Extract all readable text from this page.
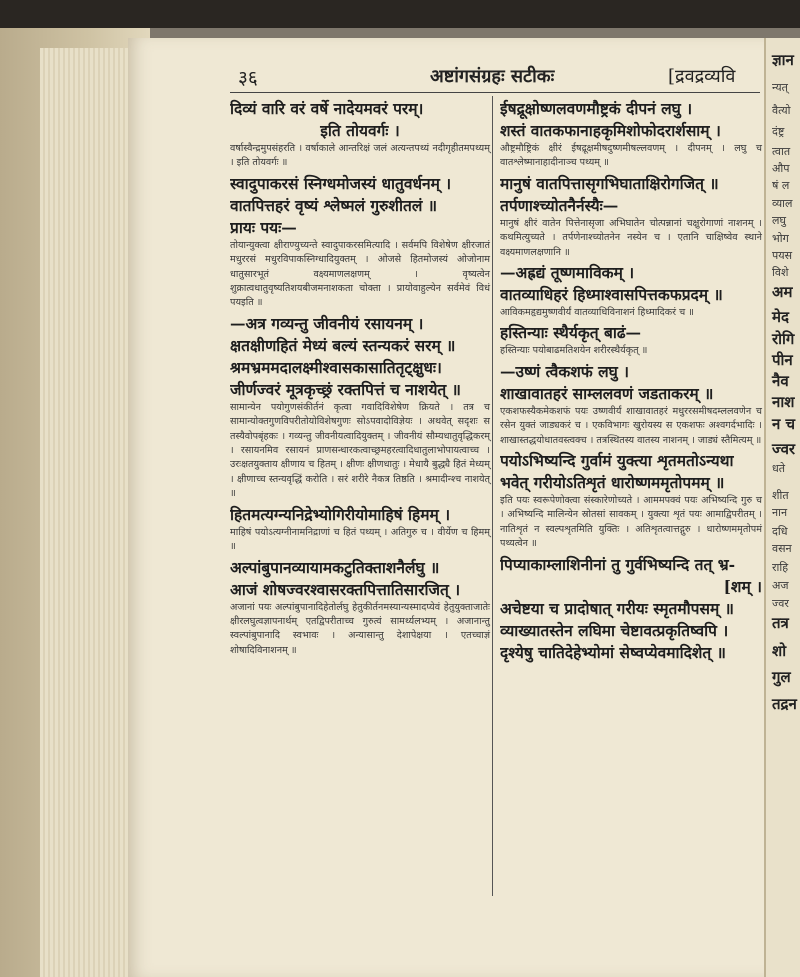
ज्ञान
न्यत्
वैत्यो
दंष्ट्र
त्वात
औप
षं ल
व्याल
लघु
भोग
पयस
विशे
अम
मेद
रोगि
पीन
नैव
नाश
न च
ज्वर
धते
शीत
नान
दधि
वसन
राहि
अज
ज्वर
तत्र
शो
गुल
तद्रन
३६	अष्टांगसंग्रहः सटीकः	[द्रवद्रव्यवि
दिव्यं वारि वरं वर्षे नादेयमवरं परम्।
इति तोयवर्गः ।
वर्षास्वैन्द्रमुपसंहरति । वर्षाकाले आन्तरिक्षं जलं अत्यन्तपथ्यं नदीगृहीतमपथ्यम् । इति तोयवर्गः ॥
स्वादुपाकरसं स्निग्धमोजस्यं धातुवर्धनम् ।
वातपित्तहरं वृष्यं श्लेष्मलं गुरुशीतलं ॥
प्रायः पयः—
तोयान्युक्त्वा क्षीराण्युच्यन्ते स्वादुपाकरसमित्यादि । सर्वमपि विशेषेण क्षीरजातं मधुररसं मधुरविपाकस्निग्धादियुक्तम् । ओजसे हितमोजस्यं ओजोनाम धातुसारभूतं वक्ष्यमाणलक्षणम् । वृष्यत्वेन शुक्रात्वधातुवृष्यतिशयबीजमनाशकता चोक्ता । प्रायोवाहुल्येन सर्वमेवं विधं पयइति ॥
—अत्र गव्यन्तु जीवनीयं रसायनम् ।
क्षतक्षीणहितं मेध्यं बल्यं स्तन्यकरं सरम् ॥
श्रमभ्रममदालक्ष्मीश्वासकासातितृट्क्षुधः।
जीर्णज्वरं मूत्रकृच्छ्रं रक्तपित्तं च नाशयेत् ॥
सामान्येन पयोगुणसंकीर्तनं कृत्वा गवादिविशेषेण क्रियते । तत्र च सामान्योक्तगुणविपरीतोयोविशेषगुणः सोऽपवादोविज्ञेयः । अथवेत् सदृशः स तस्यैवोपबृंहकः । गव्यन्तु जीवनीयत्वादियुक्तम् । जीवनीयं सौम्यधातुवृद्धिकरम् । रसायनमिव रसायनं प्राणसन्धारकत्वाच्छ्रमहरत्वादिधातुलाभोपायत्वाच्च । उरःक्षतयुक्ताय क्षीणाय च हितम् । क्षीणः क्षीणधातुः । मेधायै बुद्ध्यै हितं मेध्यम् । क्षीणाच्च स्तन्यवृद्धिं करोति । सरं शरीरे नैकत्र तिष्ठति । श्रमादीन्श्च नाशयेत् ॥
हितमत्यग्न्यनिद्रेभ्योगिरीयोमाहिषं हिमम् ।
माहिषं पयोऽत्यग्नीनामनिद्राणां च हितं पथ्यम् । अतिगुरु च । वीर्येण च हिमम् ॥
अल्पांबुपानव्यायामकटुतिक्ताशनैर्लघु ॥
आजं शोषज्वरश्वासरक्तपित्तातिसारजित् ।
अजानां पयः अल्पांबुपानादिहेतोर्लघु हेतुकीर्तनमस्यान्यस्मादप्येवं हेतुयुक्ताजातेः क्षीरलघुत्वज्ञापनार्थम् एतद्विपरीताच्च गुरुत्वं सामर्थ्यलभ्यम् । अजानान्तु स्वल्पांबुपानादि स्वभावः । अन्यासान्तु देशापेक्षया । एतच्चाज्ञं शोषादिविनाशनम् ॥
ईषद्रूक्षोष्णलवणमौष्ट्रकं दीपनं लघु ।
शस्तं वातकफानाहकृमिशोफोदरार्शसाम् ।
औष्ट्रमौष्ट्रिकं क्षीरं ईषद्रूक्षमीषदुष्णमीषल्लवणम् । दीपनम् । लघु च वातश्लेष्मानाहादीनाञ्च पथ्यम् ॥
मानुषं वातपित्तासृगभिघाताक्षिरोगजित् ॥
तर्पणाश्च्योतनैर्नस्यैः—
मानुषं क्षीरं वातेन पित्तेनासृजा अभिघातेन चोत्पन्नानां चक्षुरोगाणां नाशनम् । कथमित्युच्यते । तर्पणेनाश्च्योतनेन नस्येन च । एतानि चाक्षिष्वेव स्थाने वक्ष्यमाणलक्षणानि ॥
—अह्रद्यं तूष्णमाविकम् ।
वातव्याधिहरं हिध्माश्वासपित्तकफप्रदम् ॥
आविकमहृद्यमुष्णवीर्यं वातव्याधिविनाशनं हिध्मादिकरं च ॥
हस्तिन्याः स्थैर्यकृत् बाढं—
हस्तिन्याः पयोबाढमतिशयेन शरीरस्थैर्यकृत् ॥
—उष्णं त्वैकशफं लघु ।
शाखावातहरं साम्ललवणं जडताकरम् ॥
एकशफस्यैकमेकशफं पयः उष्णवीर्यं शाखावातहरं मधुररसमीषदम्ललवणेन च रसेन युक्तं जाड्यकरं च । एकविभागः खुरोयस्य स एकशफः अश्वगर्दभादिः । शाखास्तद्धयोधातवस्त्वक्च । तत्रस्थितस्य वातस्य नाशनम् । जाड्यं स्तैमित्यम् ॥
पयोऽभिष्यन्दि गुर्वामं युक्त्या शृतमतोऽन्यथा
भवेत् गरीयोऽतिशृतं धारोष्णममृतोपमम् ॥
इति पयः स्वरूपेणोक्त्वा संस्कारेणोच्यते । आममपक्वं पयः अभिष्यन्दि गुरु च । अभिष्यन्दि मालिन्येन स्रोतसां सावकम् । युक्त्या शृतं पयः आमाद्विपरीतम् । नातिशृतं न स्वल्पशृतमिति युक्तिः । अतिशृतत्वात्तद्गुरु । धारोष्णममृतोपमं पथ्यत्वेन ॥
पिप्याकाम्लाशिनीनां तु गुर्वभिष्यन्दि तत् भ्र-
[शम् ।
अचेष्टया च प्रादोषात् गरीयः स्मृतमौपसम् ॥
व्याख्यातस्तेन लघिमा चेष्टावत्प्रकृतिष्वपि ।
दृश्येषु चातिदेहेभ्योमां सेष्वप्येवमादिशेत् ॥
